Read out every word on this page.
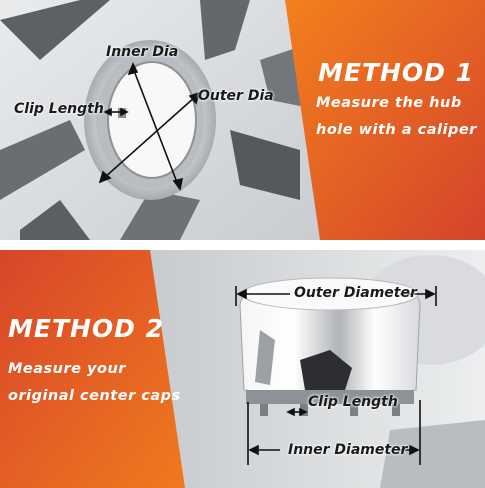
Inner Dia
Outer Dia
Clip Length
METHOD 1
Measure the hub
hole with a caliper
Outer Diameter
Clip Length
Inner Diameter
METHOD 2
Measure your
original center caps
